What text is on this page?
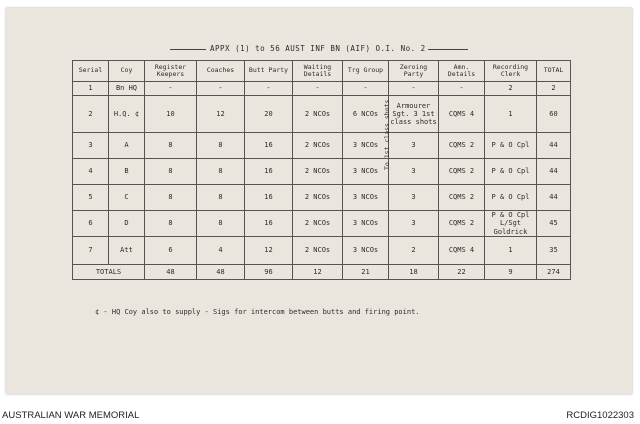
APPX (1) to 56 AUST INF BN (AIF) O.I. No. 2
Serial	Coy	Register Keepers	Coaches	Butt Party	Waiting Details	Trg Group	Zeroing Party	Amn. Details	Recording Clerk	TOTAL
1	Bn HQ	-	-	-	-	-	-	-	2	2
2	H.Q. ¢	10	12	20	2 NCOs	6 NCOs	Armourer Sgt. 3 1st class shots	CQMS 4	1	60
3	A	8	8	16	2 NCOs	3 NCOs	3	CQMS 2	P & O Cpl	44
4	B	8	8	16	2 NCOs	3 NCOs	3	CQMS 2	P & O Cpl	44
5	C	8	8	16	2 NCOs	3 NCOs	3	CQMS 2	P & O Cpl	44
6	D	8	8	16	2 NCOs	3 NCOs	3	CQMS 2	P & O Cpl L/Sgt Goldrick	45
7	Att	6	4	12	2 NCOs	3 NCOs	2	CQMS 4	1	35
TOTALS		48	48	96	12	21	18	22	9	274
To 1st class shots
¢ - HQ Coy also to supply - Sigs for intercom between butts and firing point.
AUSTRALIAN WAR MEMORIAL	RCDIG1022303
